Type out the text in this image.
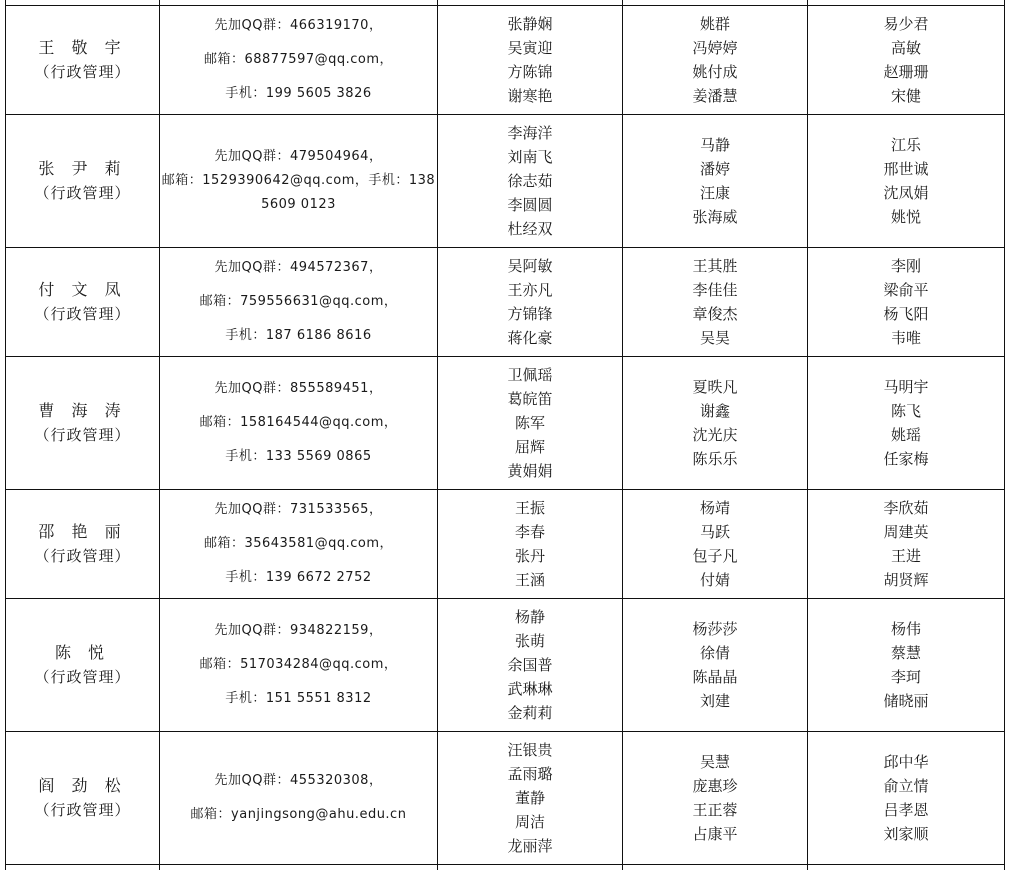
王 敬 宇
（行政管理）
先加QQ群：466319170，
邮箱：68877597@qq.com，
手机：199 5605 3826
张静娴
吴寅迎
方陈锦
谢寒艳
姚群
冯婷婷
姚付成
姜潘慧
易少君
高敏
赵珊珊
宋健
张 尹 莉
（行政管理）
先加QQ群：479504964，
邮箱：1529390642@qq.com，手机：138
5609 0123
李海洋
刘南飞
徐志茹
李圆圆
杜经双
马静
潘婷
汪康
张海威
江乐
邢世诚
沈凤娟
姚悦
付 文 凤
（行政管理）
先加QQ群：494572367，
邮箱：759556631@qq.com，
手机：187 6186 8616
吴阿敏
王亦凡
方锦锋
蒋化豪
王其胜
李佳佳
章俊杰
吴昊
李刚
梁俞平
杨飞阳
韦唯
曹 海 涛
（行政管理）
先加QQ群：855589451，
邮箱：158164544@qq.com，
手机：133 5569 0865
卫佩瑶
葛皖笛
陈军
屈辉
黄娟娟
夏昳凡
谢鑫
沈光庆
陈乐乐
马明宇
陈飞
姚瑶
任家梅
邵 艳 丽
（行政管理）
先加QQ群：731533565，
邮箱：35643581@qq.com，
手机：139 6672 2752
王振
李春
张丹
王涵
杨靖
马跃
包子凡
付婧
李欣茹
周建英
王进
胡贤辉
陈 悦
（行政管理）
先加QQ群：934822159，
邮箱：517034284@qq.com，
手机：151 5551 8312
杨静
张萌
余国普
武琳琳
金莉莉
杨莎莎
徐倩
陈晶晶
刘建
杨伟
蔡慧
李珂
储晓丽
阎 劲 松
（行政管理）
先加QQ群：455320308，
邮箱：yanjingsong@ahu.edu.cn
汪银贵
孟雨璐
董静
周洁
龙丽萍
吴慧
庞惠珍
王正蓉
占康平
邱中华
俞立情
吕孝恩
刘家顺
